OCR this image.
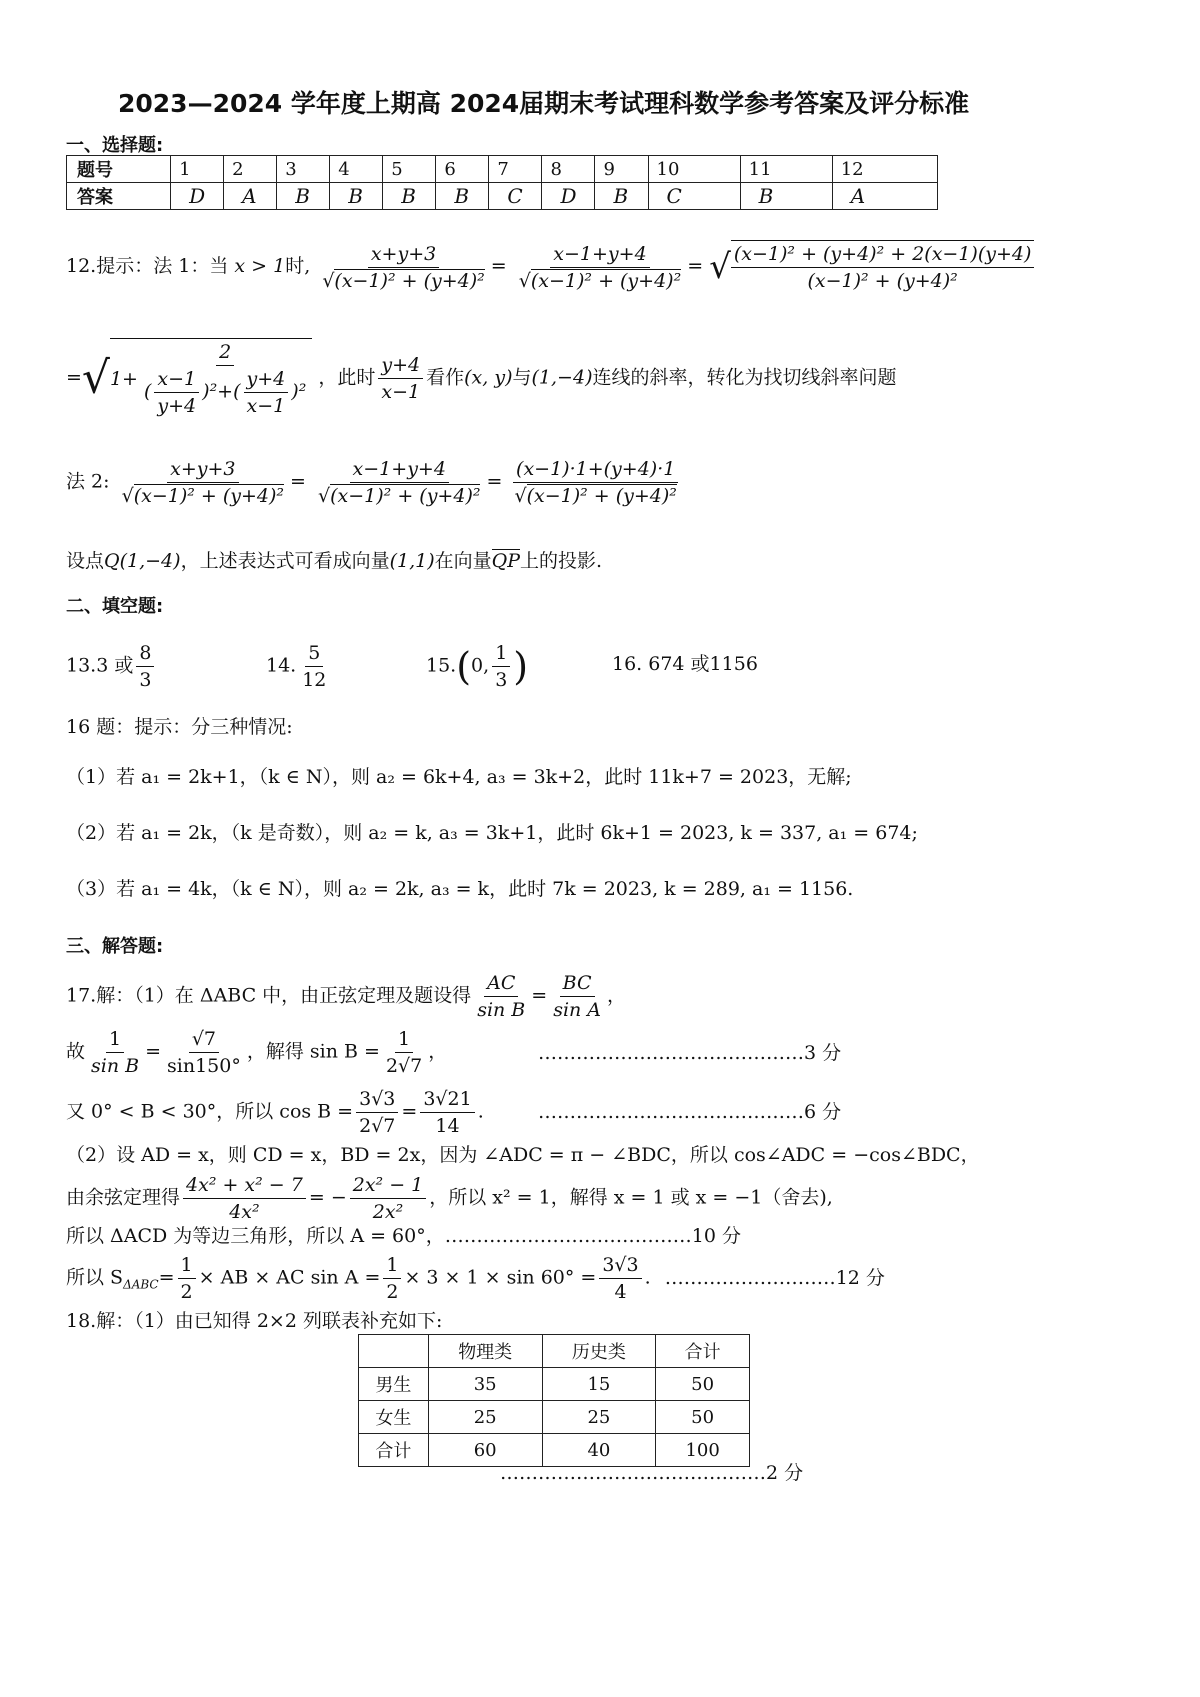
2023—2024 学年度上期高 2024届期末考试理科数学参考答案及评分标准
一、选择题:
题号	1	2	3	4	5	6	7	8	9	10	11	12
答案	D	A	B	B	B	B	C	D	B	C	B	A
12.提示：法 1：当 x > 1时, $\frac{x+y+3}{\text{√(x−1)² + (y+4)²}} = \frac{x-1+y+4}{\text{√(x−1)² + (y+4)²}}$ = √ $\frac{\text{(x−1)² + (y+4)² + 2(x−1)(y+4)}}{\text{(x−1)² + (y+4)²}}$
=√ $1+ \frac{2}{( \frac{x-1}{y+4} )^2+( \frac{y+4}{x-1} )^2}$ ，此时 $\frac{y+4}{x-1}$ 看作(x, y)与(1,−4)连线的斜率，转化为找切线斜率问题
法 2: $\frac{x+y+3}{\text{√(x−1)² + (y+4)²}} = \frac{x-1+y+4}{\text{√(x−1)² + (y+4)²}} = \frac{(x-1)\cdot 1+(y+4)\cdot 1}{\text{√(x−1)² + (y+4)²}}$
设点Q(1,−4)，上述表达式可看成向量(1,1)在向量QP上的投影.
二、填空题:
13.3 或 $\frac{8}{3}$	14. $\frac{5}{12}$	15.(0, $\frac{1}{3}$ )	16. 674 或1156
16 题：提示：分三种情况:
（1）若 a₁ = 2k+1，（k ∈ N），则 a₂ = 6k+4, a₃ = 3k+2，此时 11k+7 = 2023，无解;
（2）若 a₁ = 2k，（k 是奇数），则 a₂ = k, a₃ = 3k+1，此时 6k+1 = 2023, k = 337, a₁ = 674;
（3）若 a₁ = 4k，（k ∈ N），则 a₂ = 2k, a₃ = k，此时 7k = 2023, k = 289, a₁ = 1156.
三、解答题:
17.解：（1）在 ΔABC 中，由正弦定理及题设得 $\frac{AC}{\text{sin B}} = \frac{BC}{\text{sin A}}$ ，
故 $\frac{1}{\text{sin B}} = \frac{√7}{\sin 150^\circ}$ ，解得 $\sin B = \frac{1}{2√7}$ ，	……………………………………3 分
又 0° < B < 30°，所以 $\cos B = \frac{3√3}{2√7} = \frac{3√21}{14}$ .	……………………………………6 分
（2）设 AD = x，则 CD = x，BD = 2x，因为 ∠ADC = π − ∠BDC，所以 cos∠ADC = −cos∠BDC，
由余弦定理得 $\frac{\text{4x² + x² − 7}}{\text{4x²}}$ = − $\frac{\text{2x² − 1}}{\text{2x²}}$ ，所以 x² = 1，解得 x = 1 或 x = −1（舍去),
所以 ΔACD 为等边三角形，所以 A = 60°，…………………………………10 分
所以 $S_{\Delta ABC}= \frac{1}{2}$ × AB × AC $\sin A = \frac{1}{2} \times 3 \times 1 \times \sin 60^\circ = \frac{3√3}{4}$ . ………………………12 分
18.解：（1）由已知得 2×2 列联表补充如下:
	物理类	历史类	合计
男生	35	15	50
女生	25	25	50
合计	60	40	100
……………………………………2 分
